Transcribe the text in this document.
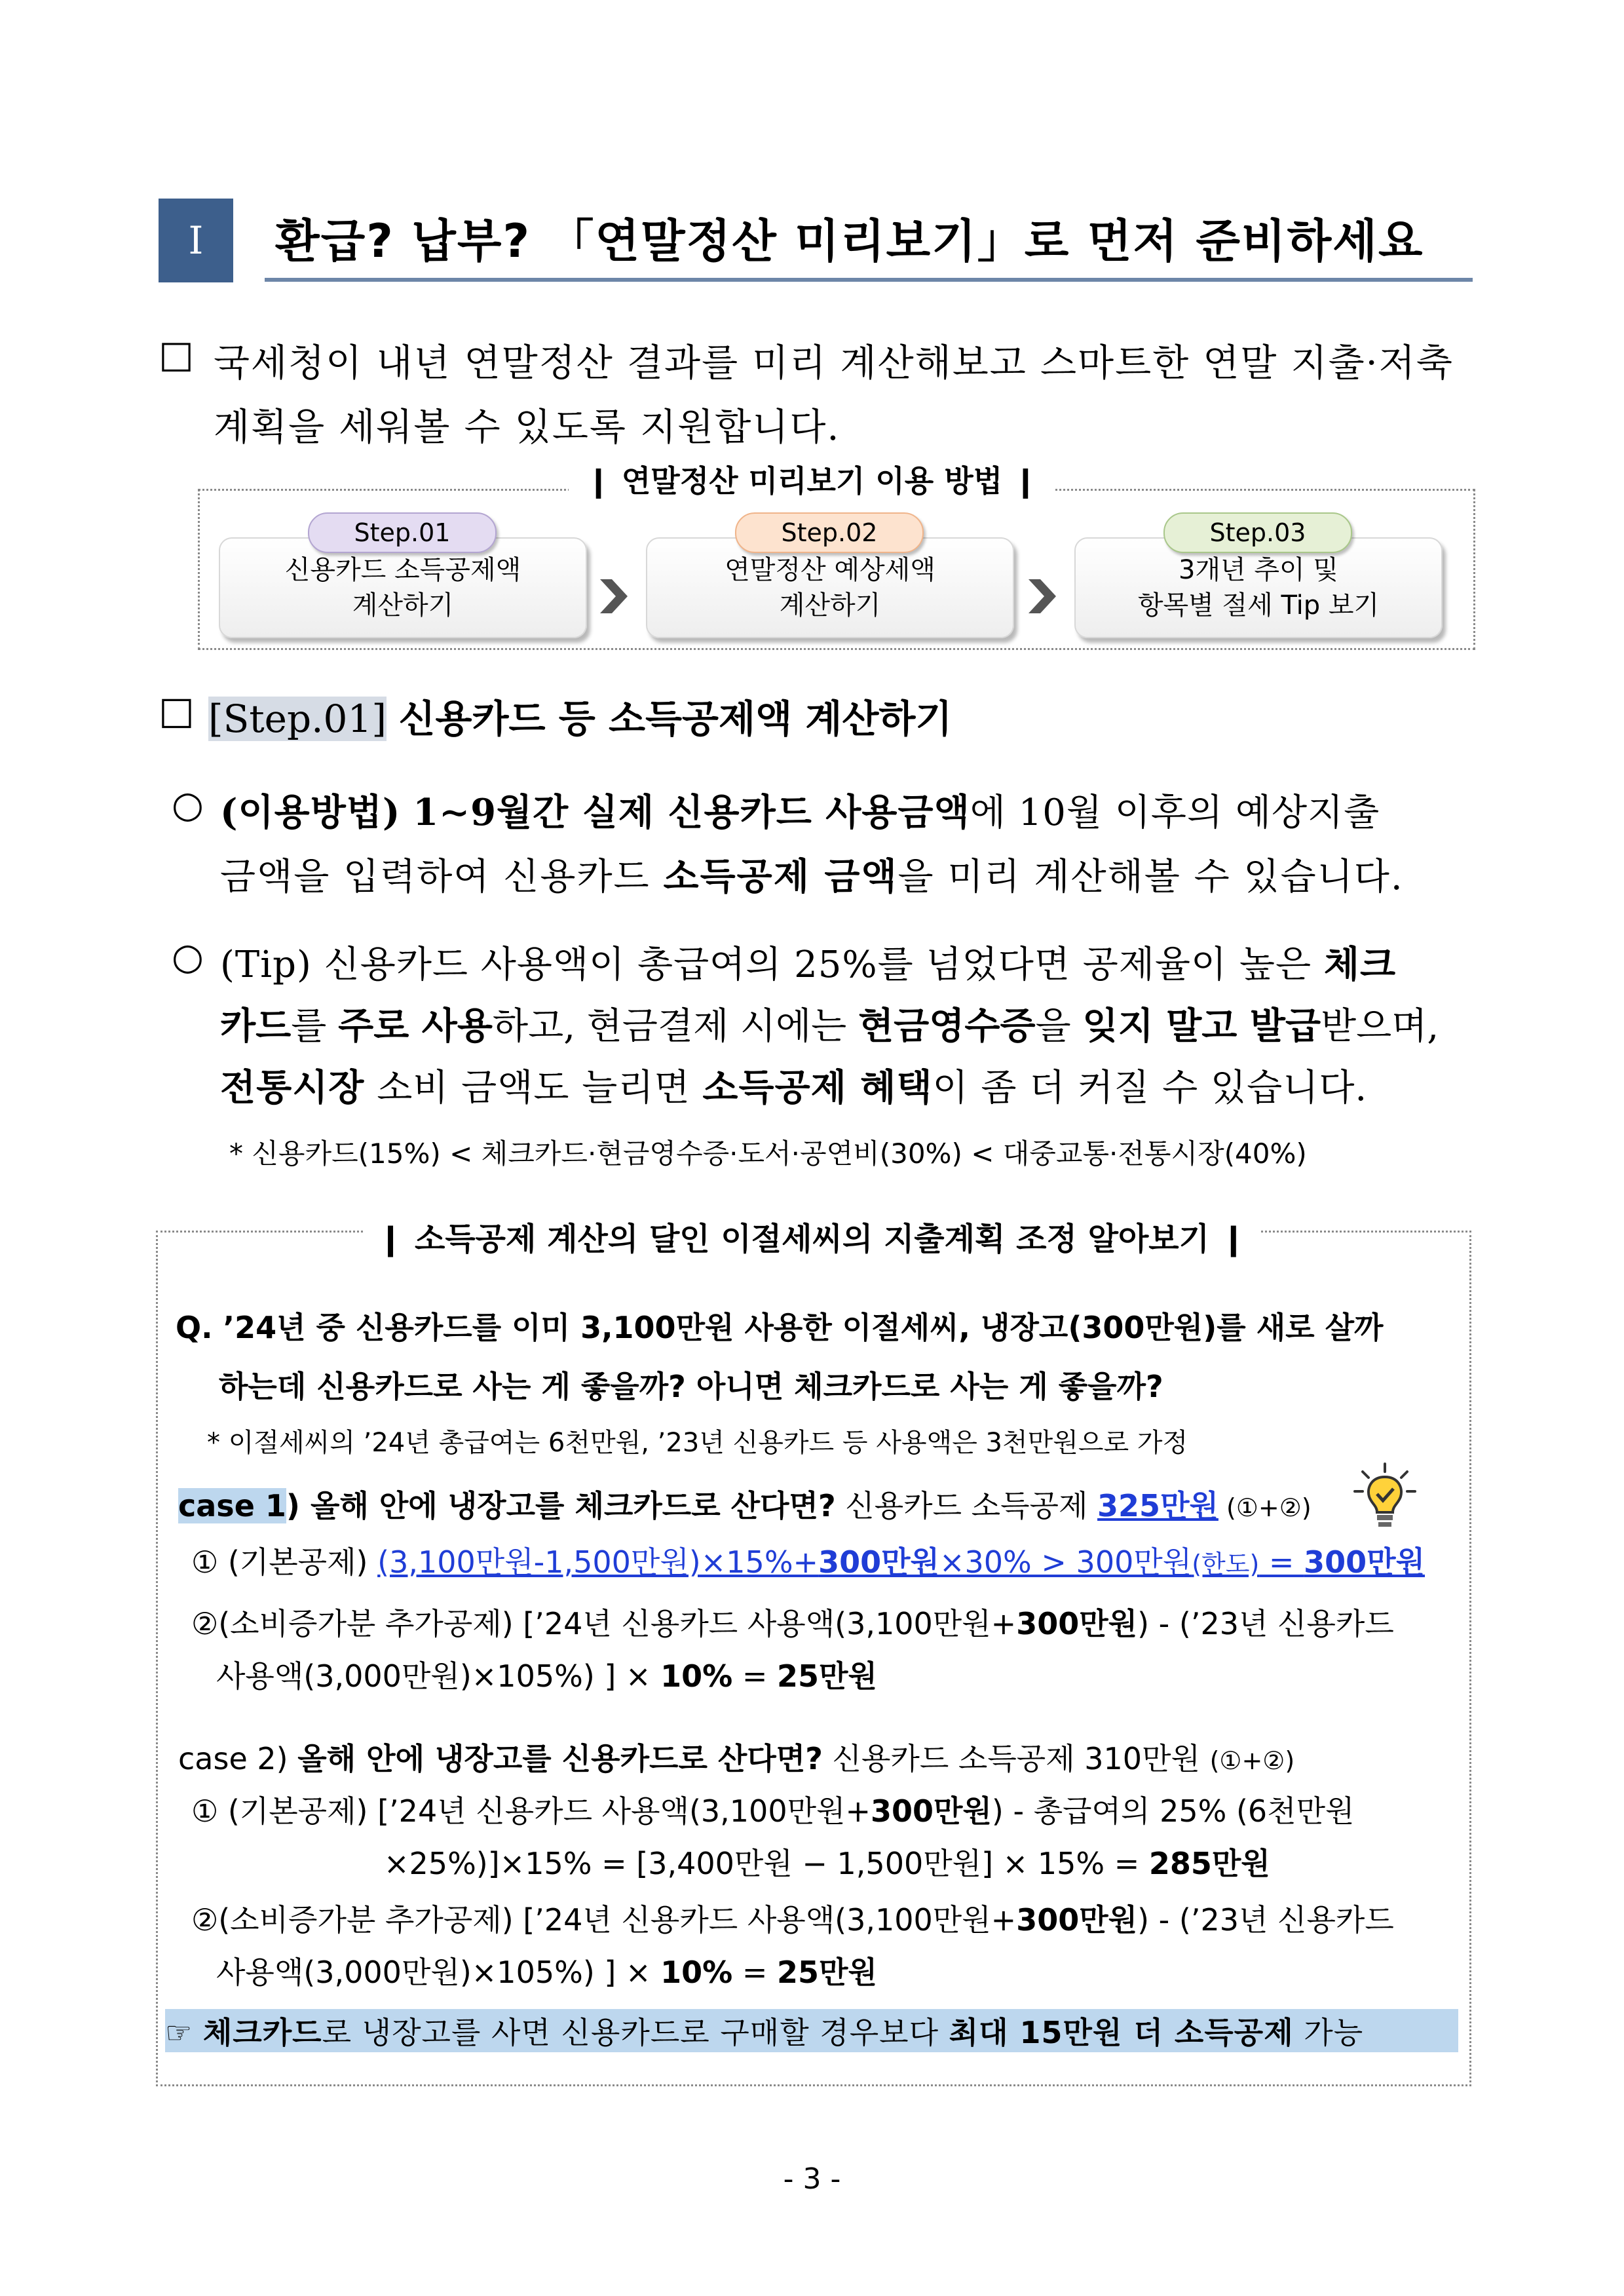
Ⅰ 환급? 납부? 「연말정산 미리보기」로 먼저 준비하세요
□ 국세청이 내년 연말정산 결과를 미리 계산해보고 스마트한 연말 지출·저축
계획을 세워볼 수 있도록 지원합니다.
❙ 연말정산 미리보기 이용 방법 ❙
Step.01
신용카드 소득공제액
계산하기
Step.02
연말정산 예상세액
계산하기
Step.03
3개년 추이 및
항목별 절세 Tip 보기
□ [Step.01] 신용카드 등 소득공제액 계산하기
○ (이용방법) 1∼9월간 실제 신용카드 사용금액에 10월 이후의 예상지출
금액을 입력하여 신용카드 소득공제 금액을 미리 계산해볼 수 있습니다.
○ (Tip) 신용카드 사용액이 총급여의 25%를 넘었다면 공제율이 높은 체크
카드를 주로 사용하고, 현금결제 시에는 현금영수증을 잊지 말고 발급받으며,
전통시장 소비 금액도 늘리면 소득공제 혜택이 좀 더 커질 수 있습니다.
* 신용카드(15%) < 체크카드·현금영수증·도서·공연비(30%) < 대중교통·전통시장(40%)
❙ 소득공제 계산의 달인 이절세씨의 지출계획 조정 알아보기 ❙
Q. ’24년 중 신용카드를 이미 3,100만원 사용한 이절세씨, 냉장고(300만원)를 새로 살까
하는데 신용카드로 사는 게 좋을까? 아니면 체크카드로 사는 게 좋을까?
* 이절세씨의 ’24년 총급여는 6천만원, ’23년 신용카드 등 사용액은 3천만원으로 가정
case 1) 올해 안에 냉장고를 체크카드로 산다면? 신용카드 소득공제 325만원 (①+②)
① (기본공제) (3,100만원-1,500만원)×15%+300만원×30% > 300만원(한도) = 300만원
②(소비증가분 추가공제) [’24년 신용카드 사용액(3,100만원+300만원) - (’23년 신용카드
사용액(3,000만원)×105%) ] × 10% = 25만원
case 2) 올해 안에 냉장고를 신용카드로 산다면? 신용카드 소득공제 310만원 (①+②)
① (기본공제) [’24년 신용카드 사용액(3,100만원+300만원) - 총급여의 25% (6천만원
×25%)]×15% = [3,400만원 − 1,500만원] × 15% = 285만원
②(소비증가분 추가공제) [’24년 신용카드 사용액(3,100만원+300만원) - (’23년 신용카드
사용액(3,000만원)×105%) ] × 10% = 25만원
☞ 체크카드로 냉장고를 사면 신용카드로 구매할 경우보다 최대 15만원 더 소득공제 가능
- 3 -
